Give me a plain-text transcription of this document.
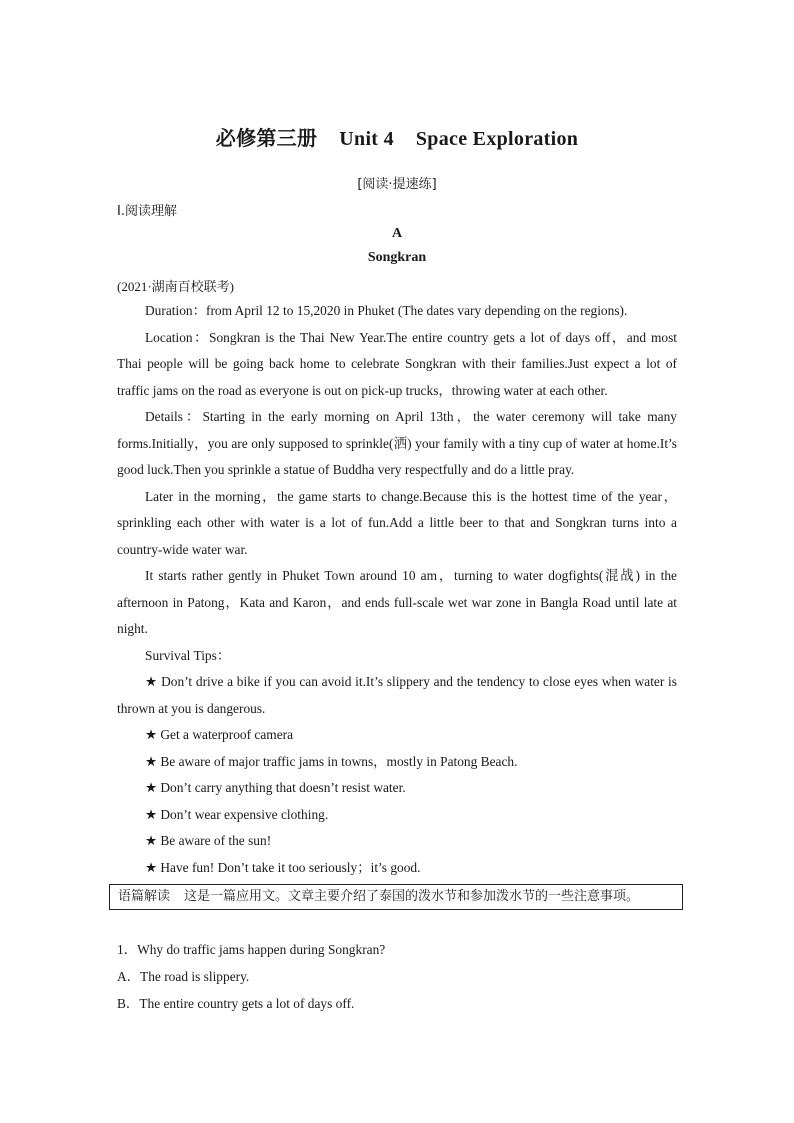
必修第三册 Unit 4 Space Exploration
[阅读·提速练]
Ⅰ.阅读理解
A
Songkran
(2021·湖南百校联考)

Duration：from April 12 to 15,2020 in Phuket (The dates vary depending on the regions).

Location：Songkran is the Thai New Year.The entire country gets a lot of days off，and most Thai people will be going back home to celebrate Songkran with their families.Just expect a lot of traffic jams on the road as everyone is out on pick-up trucks，throwing water at each other.

Details：Starting in the early morning on April 13th，the water ceremony will take many forms.Initially，you are only supposed to sprinkle(洒) your family with a tiny cup of water at home.It’s good luck.Then you sprinkle a statue of Buddha very respectfully and do a little pray.

Later in the morning，the game starts to change.Because this is the hottest time of the year，sprinkling each other with water is a lot of fun.Add a little beer to that and Songkran turns into a country-wide water war.

It starts rather gently in Phuket Town around 10 am，turning to water dogfights(混战) in the afternoon in Patong，Kata and Karon，and ends full-scale wet war zone in Bangla Road until late at night.

Survival Tips：

★ Don’t drive a bike if you can avoid it.It’s slippery and the tendency to close eyes when water is thrown at you is dangerous.

★ Get a waterproof camera

★ Be aware of major traffic jams in towns，mostly in Patong Beach.

★ Don’t carry anything that doesn’t resist water.

★ Don’t wear expensive clothing.

★ Be aware of the sun!

★ Have fun! Don’t take it too seriously；it’s good.

语篇解读 这是一篇应用文。文章主要介绍了泰国的泼水节和参加泼水节的一些注意事项。
1．Why do traffic jams happen during Songkran?
A．The road is slippery.
B．The entire country gets a lot of days off.
